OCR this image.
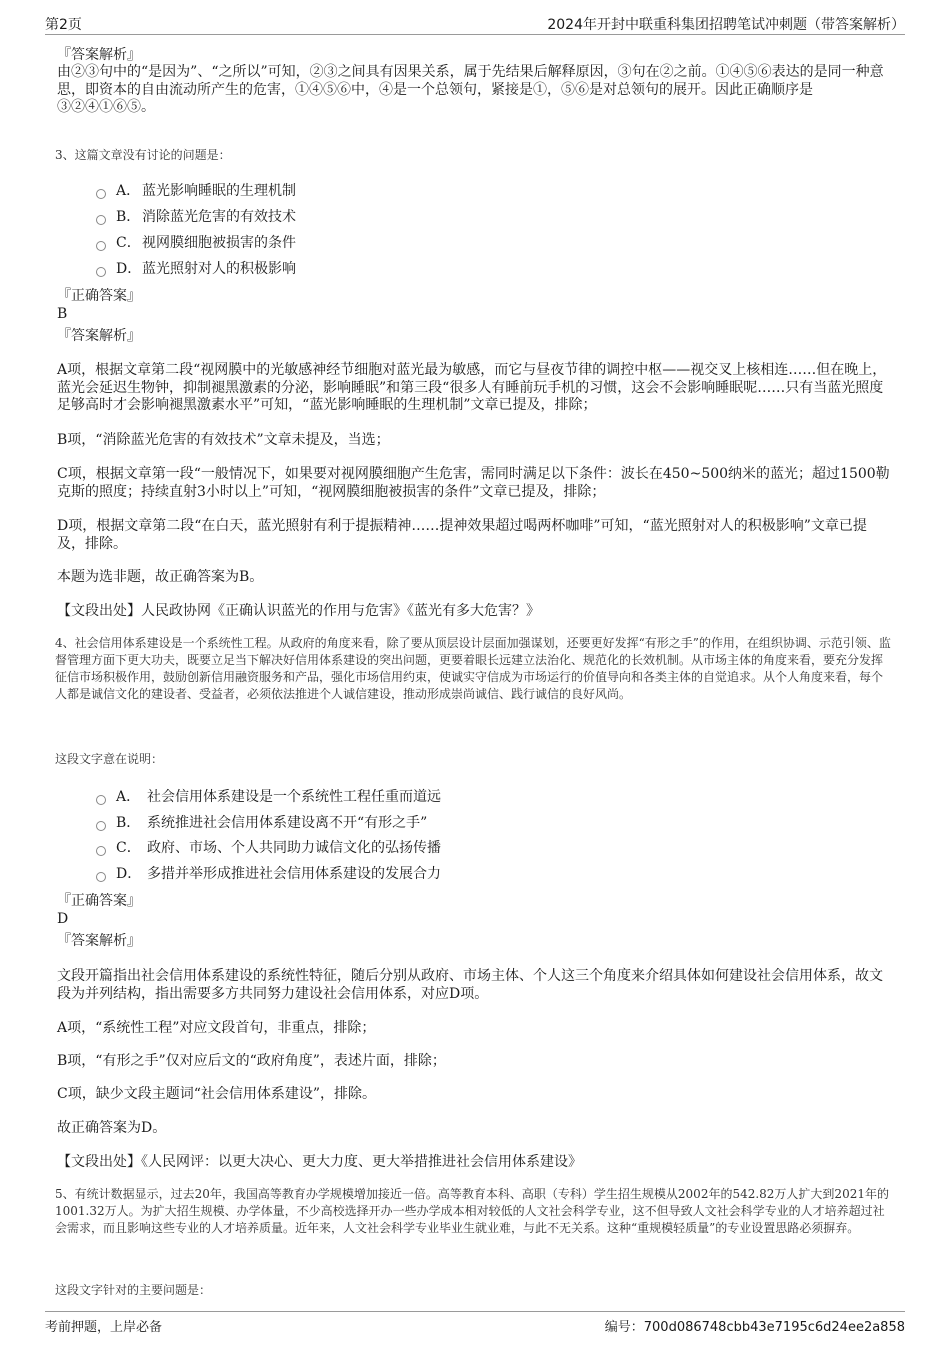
第2页	2024年开封中联重科集团招聘笔试冲刺题（带答案解析）

『答案解析』

由②③句中的“是因为”、“之所以”可知，②③之间具有因果关系，属于先结果后解释原因，③句在②之前。①④⑤⑥表达的是同一种意思，即资本的自由流动所产生的危害，①④⑤⑥中，④是一个总领句，紧接是①，⑤⑥是对总领句的展开。因此正确顺序是③②④①⑥⑤。

3、这篇文章没有讨论的问题是：

A． 蓝光影响睡眠的生理机制
B． 消除蓝光危害的有效技术
C． 视网膜细胞被损害的条件
D． 蓝光照射对人的积极影响

『正确答案』

B

『答案解析』

A项，根据文章第二段“视网膜中的光敏感神经节细胞对蓝光最为敏感，而它与昼夜节律的调控中枢——视交叉上核相连……但在晚上，蓝光会延迟生物钟，抑制褪黑激素的分泌，影响睡眠”和第三段“很多人有睡前玩手机的习惯，这会不会影响睡眠呢……只有当蓝光照度足够高时才会影响褪黑激素水平”可知，“蓝光影响睡眠的生理机制”文章已提及，排除；

B项，“消除蓝光危害的有效技术”文章未提及，当选；

C项，根据文章第一段“一般情况下，如果要对视网膜细胞产生危害，需同时满足以下条件：波长在450~500纳米的蓝光；超过1500勒克斯的照度；持续直射3小时以上”可知，“视网膜细胞被损害的条件”文章已提及，排除；

D项，根据文章第二段“在白天，蓝光照射有利于提振精神……提神效果超过喝两杯咖啡”可知，“蓝光照射对人的积极影响”文章已提及，排除。

本题为选非题，故正确答案为B。

【文段出处】人民政协网《正确认识蓝光的作用与危害》《蓝光有多大危害？》

4、社会信用体系建设是一个系统性工程。从政府的角度来看，除了要从顶层设计层面加强谋划，还要更好发挥“有形之手”的作用，在组织协调、示范引领、监督管理方面下更大功夫，既要立足当下解决好信用体系建设的突出问题，更要着眼长远建立法治化、规范化的长效机制。从市场主体的角度来看，要充分发挥征信市场积极作用，鼓励创新信用融资服务和产品，强化市场信用约束，使诚实守信成为市场运行的价值导向和各类主体的自觉追求。从个人角度来看，每个人都是诚信文化的建设者、受益者，必须依法推进个人诚信建设，推动形成崇尚诚信、践行诚信的良好风尚。

这段文字意在说明：

A． 社会信用体系建设是一个系统性工程任重而道远
B． 系统推进社会信用体系建设离不开“有形之手”
C． 政府、市场、个人共同助力诚信文化的弘扬传播
D． 多措并举形成推进社会信用体系建设的发展合力

『正确答案』

D

『答案解析』

文段开篇指出社会信用体系建设的系统性特征，随后分别从政府、市场主体、个人这三个角度来介绍具体如何建设社会信用体系，故文段为并列结构，指出需要多方共同努力建设社会信用体系，对应D项。

A项，“系统性工程”对应文段首句，非重点，排除；

B项，“有形之手”仅对应后文的“政府角度”，表述片面，排除；

C项，缺少文段主题词“社会信用体系建设”，排除。

故正确答案为D。

【文段出处】《人民网评：以更大决心、更大力度、更大举措推进社会信用体系建设》

5、有统计数据显示，过去20年，我国高等教育办学规模增加接近一倍。高等教育本科、高职（专科）学生招生规模从2002年的542.82万人扩大到2021年的1001.32万人。为扩大招生规模、办学体量，不少高校选择开办一些办学成本相对较低的人文社会科学专业，这不但导致人文社会科学专业的人才培养超过社会需求，而且影响这些专业的人才培养质量。近年来，人文社会科学专业毕业生就业难，与此不无关系。这种“重规模轻质量”的专业设置思路必须摒弃。

这段文字针对的主要问题是：

考前押题，上岸必备	编号：700d086748cbb43e7195c6d24ee2a858
